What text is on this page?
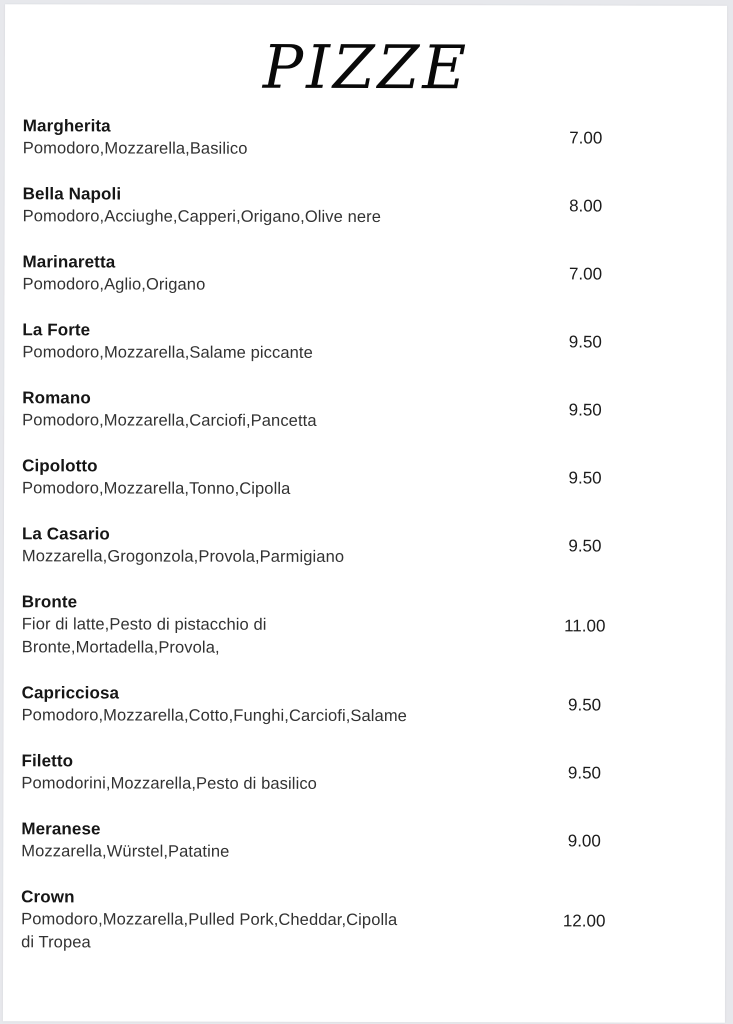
PIZZE
Margherita
Pomodoro,Mozzarella,Basilico
7.00
Bella Napoli
Pomodoro,Acciughe,Capperi,Origano,Olive nere
8.00
Marinaretta
Pomodoro,Aglio,Origano
7.00
La Forte
Pomodoro,Mozzarella,Salame piccante
9.50
Romano
Pomodoro,Mozzarella,Carciofi,Pancetta
9.50
Cipolotto
Pomodoro,Mozzarella,Tonno,Cipolla
9.50
La Casario
Mozzarella,Grogonzola,Provola,Parmigiano
9.50
Bronte
Fior di latte,Pesto di pistacchio di
Bronte,Mortadella,Provola,
11.00
Capricciosa
Pomodoro,Mozzarella,Cotto,Funghi,Carciofi,Salame
9.50
Filetto
Pomodorini,Mozzarella,Pesto di basilico
9.50
Meranese
Mozzarella,Würstel,Patatine
9.00
Crown
Pomodoro,Mozzarella,Pulled Pork,Cheddar,Cipolla
di Tropea
12.00
